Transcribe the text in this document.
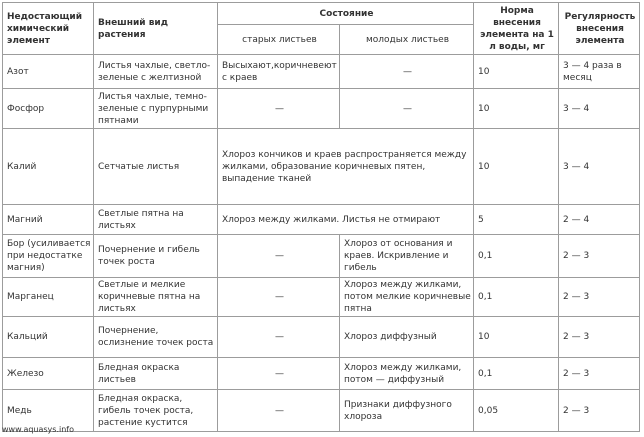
Недостающий химический элемент	Внешний вид растения	Состояние		Норма внесения элемента на 1 л воды, мг	Регулярность внесения элемента
		старых листьев	молодых листьев		
Азот	Листья чахлые, светло-зеленые с желтизной	Высыхают,коричневеют с краев	—	10	3 — 4 раза в месяц
Фосфор	Листья чахлые, темно-зеленые с пурпурными пятнами	—	—	10	3 — 4
Калий	Сетчатые листья	Хлороз кончиков и краев распространяется между жилками, образование коричневых пятен, выпадение тканей		10	3 — 4
Магний	Светлые пятна на листьях	Хлороз между жилками. Листья не отмирают		5	2 — 4
Бор (усиливается при недостатке магния)	Почернение и гибель точек роста	—	Хлороз от основания и краев. Искривление и гибель	0,1	2 — 3
Марганец	Светлые и мелкие коричневые пятна на листьях	—	Хлороз между жилками, потом мелкие коричневые пятна	0,1	2 — 3
Кальций	Почернение, ослизнение точек роста	—	Хлороз диффузный	10	2 — 3
Железо	Бледная окраска листьев	—	Хлороз между жилками, потом — диффузный	0,1	2 — 3
Медь	Бледная окраска, гибель точек роста, растение кустится	—	Признаки диффузного хлороза	0,05	2 — 3
www.aquasys.info
